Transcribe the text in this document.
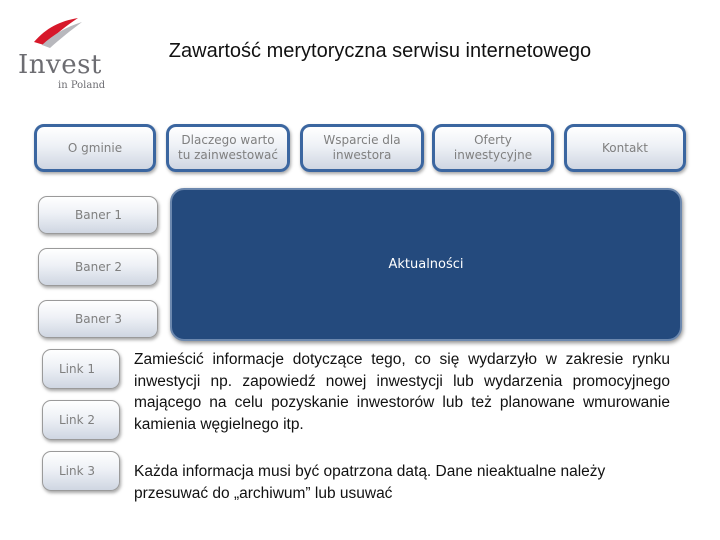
Invest
in Poland
Zawartość merytoryczna serwisu internetowego
O gminie
Dlaczego warto tu zainwestować
Wsparcie dla inwestora
Oferty inwestycyjne
Kontakt
Aktualności
Baner 1
Baner 2
Baner 3
Link 1
Link 2
Link 3
Zamieścić informacje dotyczące tego, co się wydarzyło w zakresie rynku inwestycji np. zapowiedź nowej inwestycji lub wydarzenia promocyjnego mającego na celu pozyskanie inwestorów lub też planowane wmurowanie kamienia węgielnego itp.
Każda informacja musi być opatrzona datą. Dane nieaktualne należy przesuwać do „archiwum” lub usuwać
